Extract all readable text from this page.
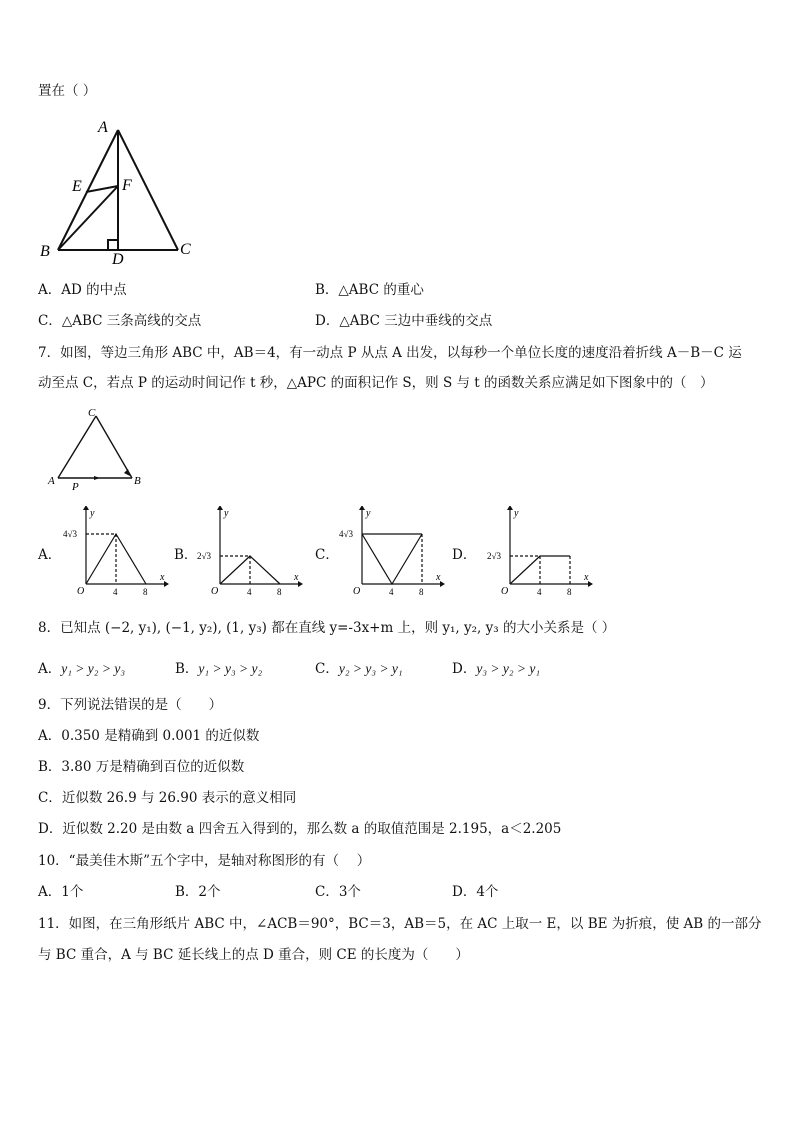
置在（ ）
A
E	F
B	D
C
A．AD 的中点	B．△ABC 的重心
C．△ABC 三条高线的交点	D．△ABC 三边中垂线的交点
7．如图，等边三角形 ABC 中，AB＝4，有一动点 P 从点 A 出发，以每秒一个单位长度的速度沿着折线 A－B－C 运
动至点 C，若点 P 的运动时间记作 t 秒，△APC 的面积记作 S，则 S 与 t 的函数关系应满足如下图象中的（　）
C
A	B
P
A．
y
x
O
4√3
4	8
B．
y
x
O
2√3
4	8
C．
y
x
O
4√3
4	8
D．
y
x
O
2√3
4	8
8．已知点 (−2, y₁), (−1, y₂), (1, y₃) 都在直线 y=-3x+m 上，则 y₁, y₂, y₃ 的大小关系是（ ）
A．y₁ > y₂ > y₃	B．y₁ > y₃ > y₂	C．y₂ > y₃ > y₁	D．y₃ > y₂ > y₁
9．下列说法错误的是（　　）
A．0.350 是精确到 0.001 的近似数
B．3.80 万是精确到百位的近似数
C．近似数 26.9 与 26.90 表示的意义相同
D．近似数 2.20 是由数 a 四舍五入得到的，那么数 a 的取值范围是 2.195，a＜2.205
10．“最美佳木斯”五个字中，是轴对称图形的有（　 ）
A．1个	B．2个	C．3个	D．4个
11．如图，在三角形纸片 ABC 中，∠ACB＝90°，BC＝3，AB＝5，在 AC 上取一 E，以 BE 为折痕，使 AB 的一部分
与 BC 重合，A 与 BC 延长线上的点 D 重合，则 CE 的长度为（　　）
